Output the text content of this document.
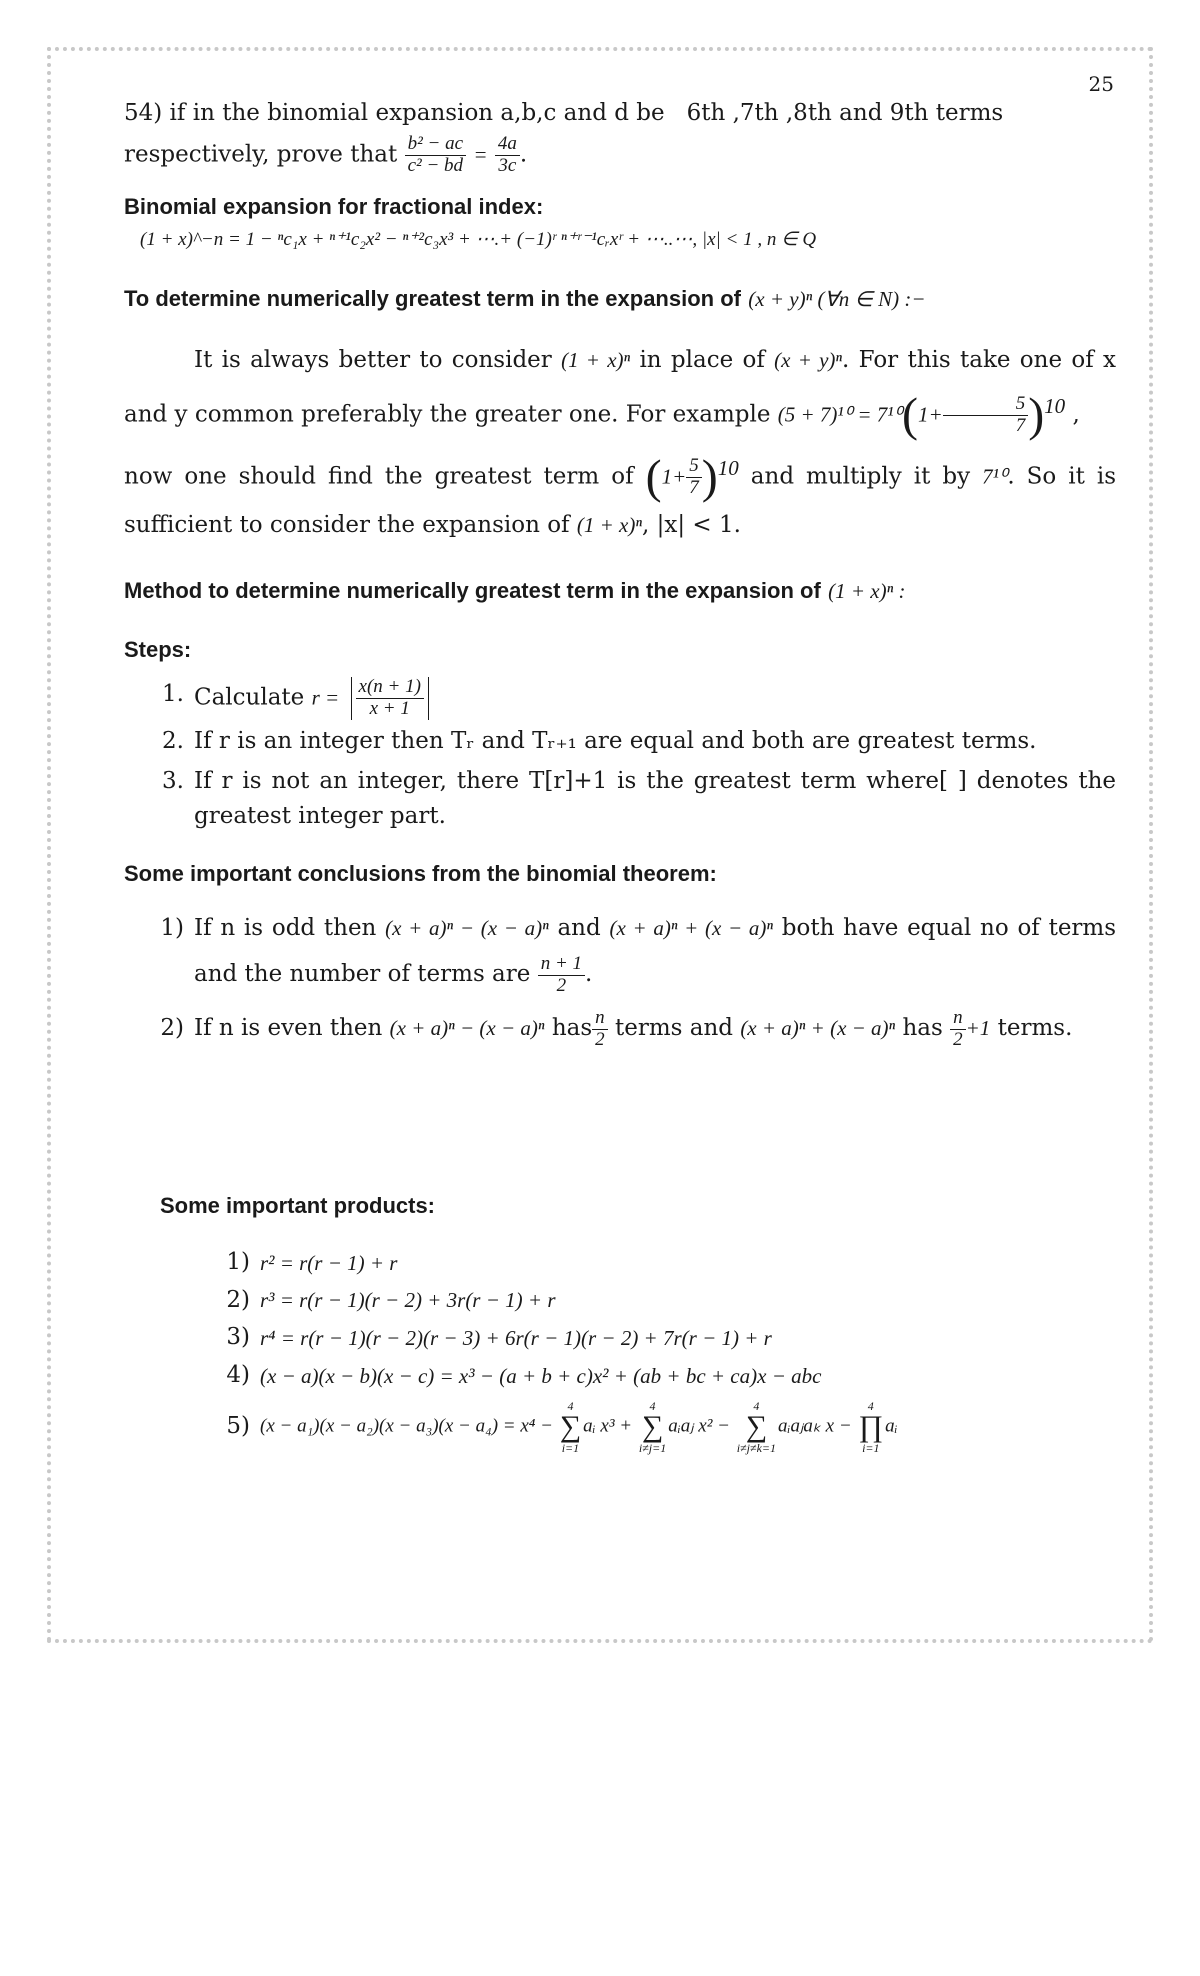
25

54) if in the binomial expansion a,b,c and d be 6th ,7th ,8th and 9th terms

respectively, prove that $\frac{\text{b² − ac}}{\text{c² − bd}} = \frac{4a}{3c}$ .

Binomial expansion for fractional index:

(1 + x)^−n = 1 − ⁿc₁x + ⁿ⁺¹c₂x² − ⁿ⁺²c₃x³ + ⋯.+ (−1)ʳ ⁿ⁺ʳ⁻¹cᵣxʳ + ⋯..⋯, |x| < 1 , n ∈ Q

To determine numerically greatest term in the expansion of (x + y)ⁿ (∀n ∈ N) :−

It is always better to consider (1 + x)ⁿ in place of (x + y)ⁿ. For this take one of x and y common preferably the greater one. For example $(5 + 7)^{10} = 7^{10}(1+ \frac{5}{7} )^{10}$ ,

now one should find the greatest term of $(1+ \frac{5}{7} )^{10}$ and multiply it by 7¹⁰. So it is sufficient to consider the expansion of (1 + x)ⁿ, |x| < 1.

Method to determine numerically greatest term in the expansion of (1 + x)ⁿ :

Steps:

1. Calculate $r = \frac{x(n + 1)}{x + 1}$
2. If r is an integer then Tᵣ and Tᵣ₊₁ are equal and both are greatest terms.
3. If r is not an integer, there T[r]+1 is the greatest term where[ ] denotes the greatest integer part.

Some important conclusions from the binomial theorem:

1) If n is odd then (x + a)ⁿ − (x − a)ⁿ and (x + a)ⁿ + (x − a)ⁿ both have equal no of terms and the number of terms are $\frac{n + 1}{2}$ .
2) If n is even then (x + a)ⁿ − (x − a)ⁿ has $\frac{n}{2}$ terms and (x + a)ⁿ + (x − a)ⁿ has $\frac{n}{2} +1$ terms.

Some important products:

1) r² = r(r − 1) + r
2) r³ = r(r − 1)(r − 2) + 3r(r − 1) + r
3) r⁴ = r(r − 1)(r − 2)(r − 3) + 6r(r − 1)(r − 2) + 7r(r − 1) + r
4) (x − a)(x − b)(x − c) = x³ − (a + b + c)x² + (ab + bc + ca)x − abc
5) (x − a₁)(x − a₂)(x − a₃)(x − a₄) = x⁴ −
4
∑
i=1
aᵢ x³ +
4
∑
i≠j=1
aᵢaⱼ x² −
4
∑
i≠j≠k=1
aᵢaⱼaₖ x −
4
∏
i=1
aᵢ
